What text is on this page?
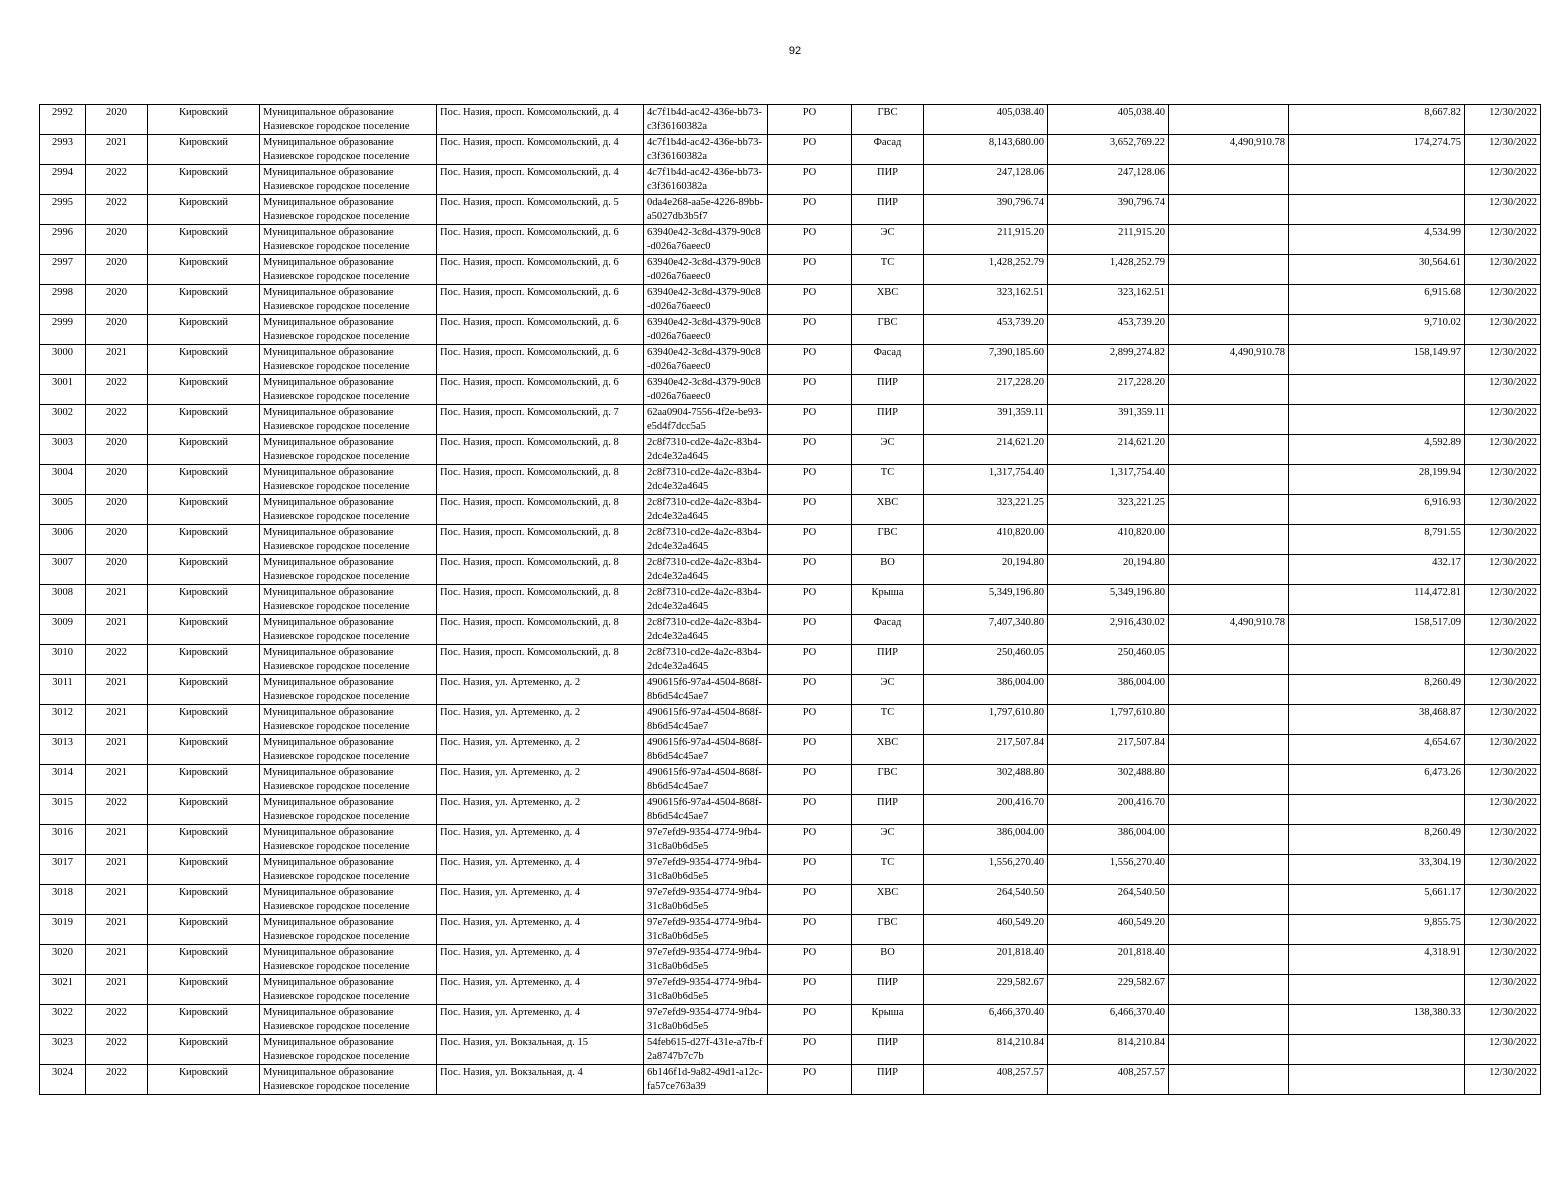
92
2992	2020	Кировский	Муниципальное образование Назиевское городское поселение	Пос. Назия, просп. Комсомольский, д. 4	4c7f1b4d-ac42-436e-bb73-c3f36160382a	РО	ГВС	405,038.40	405,038.40		8,667.82	12/30/2022
2993	2021	Кировский	Муниципальное образование Назиевское городское поселение	Пос. Назия, просп. Комсомольский, д. 4	4c7f1b4d-ac42-436e-bb73-c3f36160382a	РО	Фасад	8,143,680.00	3,652,769.22	4,490,910.78	174,274.75	12/30/2022
2994	2022	Кировский	Муниципальное образование Назиевское городское поселение	Пос. Назия, просп. Комсомольский, д. 4	4c7f1b4d-ac42-436e-bb73-c3f36160382a	РО	ПИР	247,128.06	247,128.06			12/30/2022
2995	2022	Кировский	Муниципальное образование Назиевское городское поселение	Пос. Назия, просп. Комсомольский, д. 5	0da4e268-aa5e-4226-89bb-a5027db3b5f7	РО	ПИР	390,796.74	390,796.74			12/30/2022
2996	2020	Кировский	Муниципальное образование Назиевское городское поселение	Пос. Назия, просп. Комсомольский, д. 6	63940e42-3c8d-4379-90c8-d026a76aeec0	РО	ЭС	211,915.20	211,915.20		4,534.99	12/30/2022
2997	2020	Кировский	Муниципальное образование Назиевское городское поселение	Пос. Назия, просп. Комсомольский, д. 6	63940e42-3c8d-4379-90c8-d026a76aeec0	РО	ТС	1,428,252.79	1,428,252.79		30,564.61	12/30/2022
2998	2020	Кировский	Муниципальное образование Назиевское городское поселение	Пос. Назия, просп. Комсомольский, д. 6	63940e42-3c8d-4379-90c8-d026a76aeec0	РО	ХВС	323,162.51	323,162.51		6,915.68	12/30/2022
2999	2020	Кировский	Муниципальное образование Назиевское городское поселение	Пос. Назия, просп. Комсомольский, д. 6	63940e42-3c8d-4379-90c8-d026a76aeec0	РО	ГВС	453,739.20	453,739.20		9,710.02	12/30/2022
3000	2021	Кировский	Муниципальное образование Назиевское городское поселение	Пос. Назия, просп. Комсомольский, д. 6	63940e42-3c8d-4379-90c8-d026a76aeec0	РО	Фасад	7,390,185.60	2,899,274.82	4,490,910.78	158,149.97	12/30/2022
3001	2022	Кировский	Муниципальное образование Назиевское городское поселение	Пос. Назия, просп. Комсомольский, д. 6	63940e42-3c8d-4379-90c8-d026a76aeec0	РО	ПИР	217,228.20	217,228.20			12/30/2022
3002	2022	Кировский	Муниципальное образование Назиевское городское поселение	Пос. Назия, просп. Комсомольский, д. 7	62aa0904-7556-4f2e-be93-e5d4f7dcc5a5	РО	ПИР	391,359.11	391,359.11			12/30/2022
3003	2020	Кировский	Муниципальное образование Назиевское городское поселение	Пос. Назия, просп. Комсомольский, д. 8	2c8f7310-cd2e-4a2c-83b4-2dc4e32a4645	РО	ЭС	214,621.20	214,621.20		4,592.89	12/30/2022
3004	2020	Кировский	Муниципальное образование Назиевское городское поселение	Пос. Назия, просп. Комсомольский, д. 8	2c8f7310-cd2e-4a2c-83b4-2dc4e32a4645	РО	ТС	1,317,754.40	1,317,754.40		28,199.94	12/30/2022
3005	2020	Кировский	Муниципальное образование Назиевское городское поселение	Пос. Назия, просп. Комсомольский, д. 8	2c8f7310-cd2e-4a2c-83b4-2dc4e32a4645	РО	ХВС	323,221.25	323,221.25		6,916.93	12/30/2022
3006	2020	Кировский	Муниципальное образование Назиевское городское поселение	Пос. Назия, просп. Комсомольский, д. 8	2c8f7310-cd2e-4a2c-83b4-2dc4e32a4645	РО	ГВС	410,820.00	410,820.00		8,791.55	12/30/2022
3007	2020	Кировский	Муниципальное образование Назиевское городское поселение	Пос. Назия, просп. Комсомольский, д. 8	2c8f7310-cd2e-4a2c-83b4-2dc4e32a4645	РО	ВО	20,194.80	20,194.80		432.17	12/30/2022
3008	2021	Кировский	Муниципальное образование Назиевское городское поселение	Пос. Назия, просп. Комсомольский, д. 8	2c8f7310-cd2e-4a2c-83b4-2dc4e32a4645	РО	Крыша	5,349,196.80	5,349,196.80		114,472.81	12/30/2022
3009	2021	Кировский	Муниципальное образование Назиевское городское поселение	Пос. Назия, просп. Комсомольский, д. 8	2c8f7310-cd2e-4a2c-83b4-2dc4e32a4645	РО	Фасад	7,407,340.80	2,916,430.02	4,490,910.78	158,517.09	12/30/2022
3010	2022	Кировский	Муниципальное образование Назиевское городское поселение	Пос. Назия, просп. Комсомольский, д. 8	2c8f7310-cd2e-4a2c-83b4-2dc4e32a4645	РО	ПИР	250,460.05	250,460.05			12/30/2022
3011	2021	Кировский	Муниципальное образование Назиевское городское поселение	Пос. Назия, ул. Артеменко, д. 2	490615f6-97a4-4504-868f-8b6d54c45ae7	РО	ЭС	386,004.00	386,004.00		8,260.49	12/30/2022
3012	2021	Кировский	Муниципальное образование Назиевское городское поселение	Пос. Назия, ул. Артеменко, д. 2	490615f6-97a4-4504-868f-8b6d54c45ae7	РО	ТС	1,797,610.80	1,797,610.80		38,468.87	12/30/2022
3013	2021	Кировский	Муниципальное образование Назиевское городское поселение	Пос. Назия, ул. Артеменко, д. 2	490615f6-97a4-4504-868f-8b6d54c45ae7	РО	ХВС	217,507.84	217,507.84		4,654.67	12/30/2022
3014	2021	Кировский	Муниципальное образование Назиевское городское поселение	Пос. Назия, ул. Артеменко, д. 2	490615f6-97a4-4504-868f-8b6d54c45ae7	РО	ГВС	302,488.80	302,488.80		6,473.26	12/30/2022
3015	2022	Кировский	Муниципальное образование Назиевское городское поселение	Пос. Назия, ул. Артеменко, д. 2	490615f6-97a4-4504-868f-8b6d54c45ae7	РО	ПИР	200,416.70	200,416.70			12/30/2022
3016	2021	Кировский	Муниципальное образование Назиевское городское поселение	Пос. Назия, ул. Артеменко, д. 4	97e7efd9-9354-4774-9fb4-31c8a0b6d5e5	РО	ЭС	386,004.00	386,004.00		8,260.49	12/30/2022
3017	2021	Кировский	Муниципальное образование Назиевское городское поселение	Пос. Назия, ул. Артеменко, д. 4	97e7efd9-9354-4774-9fb4-31c8a0b6d5e5	РО	ТС	1,556,270.40	1,556,270.40		33,304.19	12/30/2022
3018	2021	Кировский	Муниципальное образование Назиевское городское поселение	Пос. Назия, ул. Артеменко, д. 4	97e7efd9-9354-4774-9fb4-31c8a0b6d5e5	РО	ХВС	264,540.50	264,540.50		5,661.17	12/30/2022
3019	2021	Кировский	Муниципальное образование Назиевское городское поселение	Пос. Назия, ул. Артеменко, д. 4	97e7efd9-9354-4774-9fb4-31c8a0b6d5e5	РО	ГВС	460,549.20	460,549.20		9,855.75	12/30/2022
3020	2021	Кировский	Муниципальное образование Назиевское городское поселение	Пос. Назия, ул. Артеменко, д. 4	97e7efd9-9354-4774-9fb4-31c8a0b6d5e5	РО	ВО	201,818.40	201,818.40		4,318.91	12/30/2022
3021	2021	Кировский	Муниципальное образование Назиевское городское поселение	Пос. Назия, ул. Артеменко, д. 4	97e7efd9-9354-4774-9fb4-31c8a0b6d5e5	РО	ПИР	229,582.67	229,582.67			12/30/2022
3022	2022	Кировский	Муниципальное образование Назиевское городское поселение	Пос. Назия, ул. Артеменко, д. 4	97e7efd9-9354-4774-9fb4-31c8a0b6d5e5	РО	Крыша	6,466,370.40	6,466,370.40		138,380.33	12/30/2022
3023	2022	Кировский	Муниципальное образование Назиевское городское поселение	Пос. Назия, ул. Вокзальная, д. 15	54feb615-d27f-431e-a7fb-f2a8747b7c7b	РО	ПИР	814,210.84	814,210.84			12/30/2022
3024	2022	Кировский	Муниципальное образование Назиевское городское поселение	Пос. Назия, ул. Вокзальная, д. 4	6b146f1d-9a82-49d1-a12c-fa57ce763a39	РО	ПИР	408,257.57	408,257.57			12/30/2022
